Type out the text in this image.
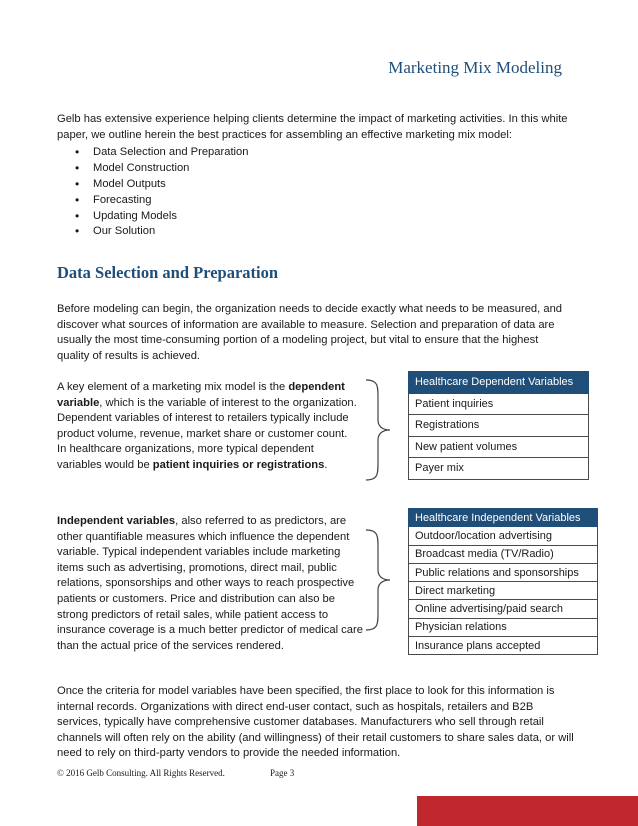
Marketing Mix Modeling

Gelb has extensive experience helping clients determine the impact of marketing activities. In this white paper, we outline herein the best practices for assembling an effective marketing mix model:

• Data Selection and Preparation
• Model Construction
• Model Outputs
• Forecasting
• Updating Models
• Our Solution
Data Selection and Preparation

Before modeling can begin, the organization needs to decide exactly what needs to be measured, and discover what sources of information are available to measure. Selection and preparation of data are usually the most time-consuming portion of a modeling project, but vital to ensure that the highest quality of results is achieved.

A key element of a marketing mix model is the dependent variable, which is the variable of interest to the organization. Dependent variables of interest to retailers typically include product volume, revenue, market share or customer count. In healthcare organizations, more typical dependent variables would be patient inquiries or registrations.

Healthcare Dependent Variables
Patient inquiries
Registrations
New patient volumes
Payer mix

Independent variables, also referred to as predictors, are other quantifiable measures which influence the dependent variable. Typical independent variables include marketing items such as advertising, promotions, direct mail, public relations, sponsorships and other ways to reach prospective patients or customers. Price and distribution can also be strong predictors of retail sales, while patient access to insurance coverage is a much better predictor of medical care than the actual price of the services rendered.

Healthcare Independent Variables
Outdoor/location advertising
Broadcast media (TV/Radio)
Public relations and sponsorships
Direct marketing
Online advertising/paid search
Physician relations
Insurance plans accepted

Once the criteria for model variables have been specified, the first place to look for this information is internal records. Organizations with direct end-user contact, such as hospitals, retailers and B2B services, typically have comprehensive customer databases. Manufacturers who sell through retail channels will often rely on the ability (and willingness) of their retail customers to share sales data, or will need to rely on third-party vendors to provide the needed information.

© 2016 Gelb Consulting. All Rights Reserved.	Page 3
